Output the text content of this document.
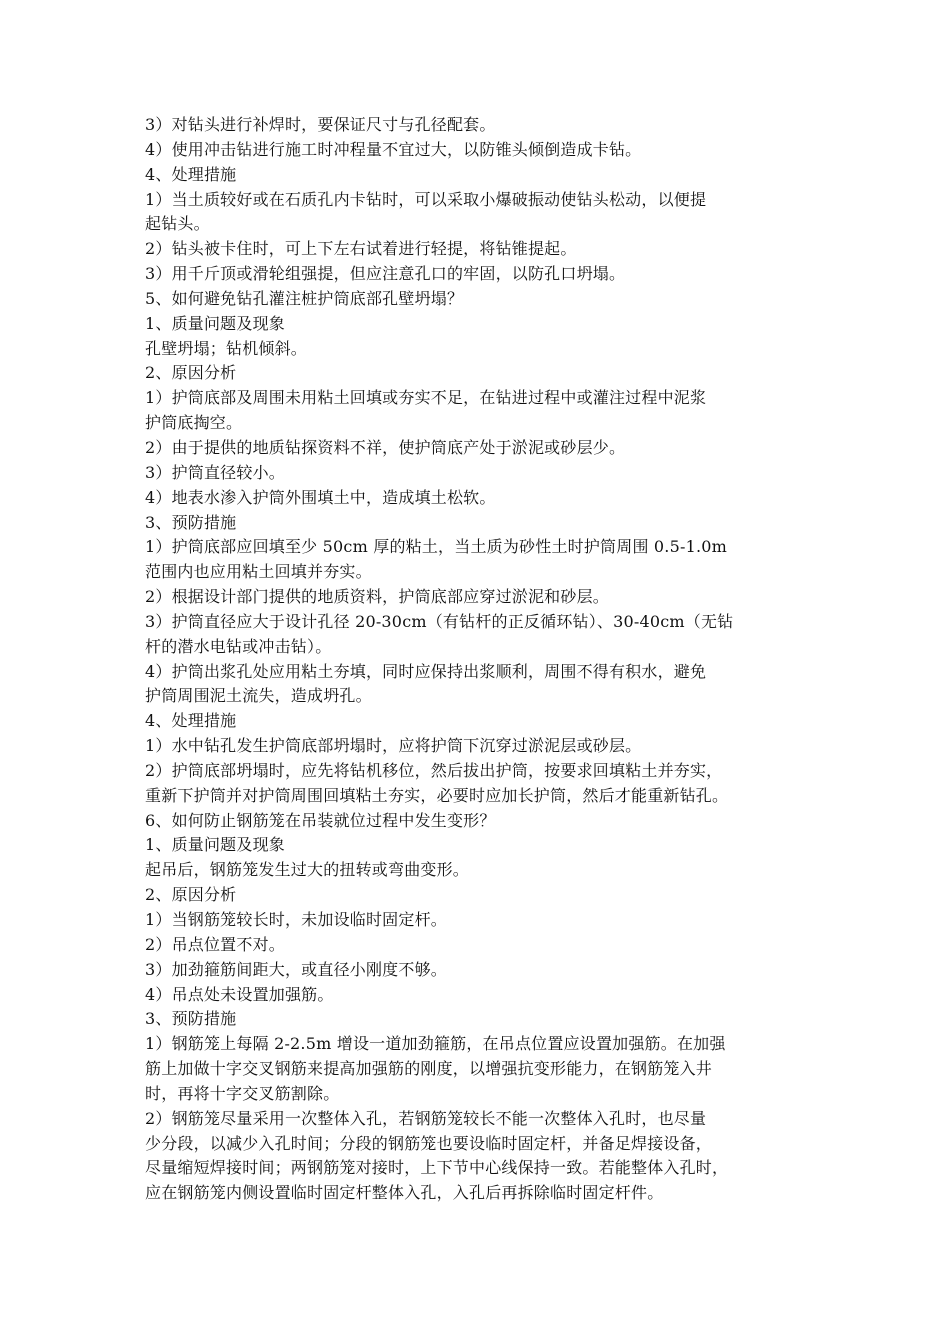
3）对钻头进行补焊时，要保证尺寸与孔径配套。
4）使用冲击钻进行施工时冲程量不宜过大，以防锥头倾倒造成卡钻。
4、处理措施
1）当土质较好或在石质孔内卡钻时，可以采取小爆破振动使钻头松动，以便提
起钻头。
2）钻头被卡住时，可上下左右试着进行轻提，将钻锥提起。
3）用千斤顶或滑轮组强提，但应注意孔口的牢固，以防孔口坍塌。
5、如何避免钻孔灌注桩护筒底部孔壁坍塌？
1、质量问题及现象
孔壁坍塌；钻机倾斜。
2、原因分析
1）护筒底部及周围未用粘土回填或夯实不足，在钻进过程中或灌注过程中泥浆
护筒底掏空。
2）由于提供的地质钻探资料不祥，使护筒底产处于淤泥或砂层少。
3）护筒直径较小。
4）地表水渗入护筒外围填土中，造成填土松软。
3、预防措施
1）护筒底部应回填至少 50cm 厚的粘土，当土质为砂性土时护筒周围 0.5-1.0m
范围内也应用粘土回填并夯实。
2）根据设计部门提供的地质资料，护筒底部应穿过淤泥和砂层。
3）护筒直径应大于设计孔径 20-30cm（有钻杆的正反循环钻）、30-40cm（无钻
杆的潜水电钻或冲击钻）。
4）护筒出浆孔处应用粘土夯填，同时应保持出浆顺利，周围不得有积水，避免
护筒周围泥土流失，造成坍孔。
4、处理措施
1）水中钻孔发生护筒底部坍塌时，应将护筒下沉穿过淤泥层或砂层。
2）护筒底部坍塌时，应先将钻机移位，然后拔出护筒，按要求回填粘土并夯实，
重新下护筒并对护筒周围回填粘土夯实，必要时应加长护筒，然后才能重新钻孔。
6、如何防止钢筋笼在吊装就位过程中发生变形？
1、质量问题及现象
起吊后，钢筋笼发生过大的扭转或弯曲变形。
2、原因分析
1）当钢筋笼较长时，未加设临时固定杆。
2）吊点位置不对。
3）加劲箍筋间距大，或直径小刚度不够。
4）吊点处未设置加强筋。
3、预防措施
1）钢筋笼上每隔 2-2.5m 增设一道加劲箍筋，在吊点位置应设置加强筋。在加强
筋上加做十字交叉钢筋来提高加强筋的刚度，以增强抗变形能力，在钢筋笼入井
时，再将十字交叉筋割除。
2）钢筋笼尽量采用一次整体入孔，若钢筋笼较长不能一次整体入孔时，也尽量
少分段，以减少入孔时间；分段的钢筋笼也要设临时固定杆，并备足焊接设备，
尽量缩短焊接时间；两钢筋笼对接时，上下节中心线保持一致。若能整体入孔时，
应在钢筋笼内侧设置临时固定杆整体入孔，入孔后再拆除临时固定杆件。
